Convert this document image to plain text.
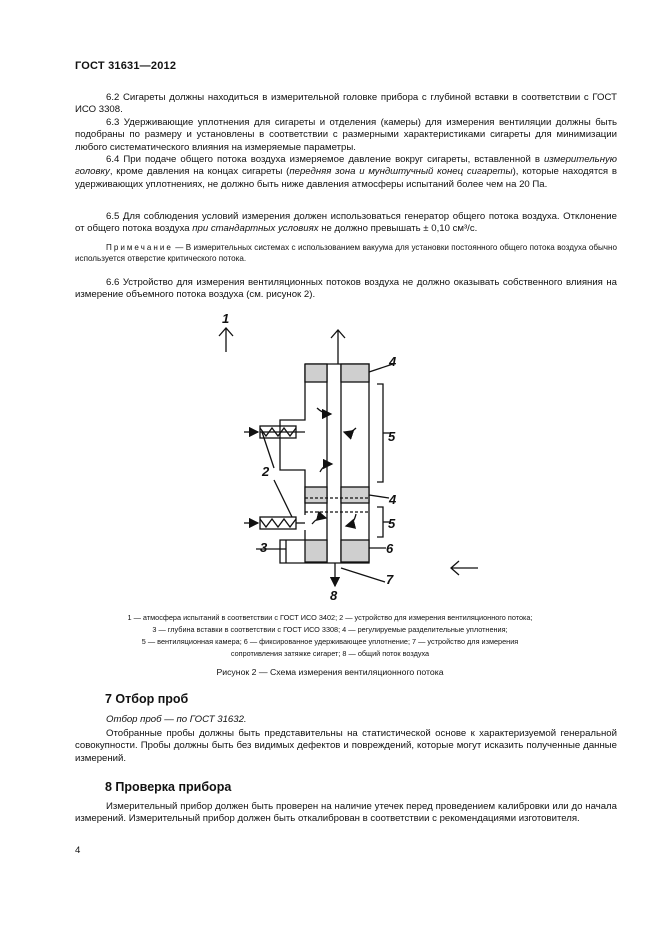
ГОСТ 31631—2012

6.2 Сигареты должны находиться в измерительной головке прибора с глубиной вставки в соответствии с ГОСТ ИСО 3308.

6.3 Удерживающие уплотнения для сигареты и отделения (камеры) для измерения вентиляции должны быть подобраны по размеру и установлены в соответствии с размерными характеристиками сигареты для минимизации любого систематического влияния на измеряемые параметры.

6.4 При подаче общего потока воздуха измеряемое давление вокруг сигареты, вставленной в измерительную головку, кроме давления на концах сигареты (передняя зона и мундштучный конец сигареты), которые находятся в удерживающих уплотнениях, не должно быть ниже давления атмосферы испытаний более чем на 20 Па.

6.5 Для соблюдения условий измерения должен использоваться генератор общего потока воздуха. Отклонение от общего потока воздуха при стандартных условиях не должно превышать ± 0,10 см³/с.

Примечание — В измерительных системах с использованием вакуума для установки постоянного общего потока воздуха обычно используется отверстие критического потока.

6.6 Устройство для измерения вентиляционных потоков воздуха не должно оказывать собственного влияния на измерение объемного потока воздуха (см. рисунок 2).

1
2
3
4
4
5
5
6
7
8

1 — атмосфера испытаний в соответствии с ГОСТ ИСО 3402; 2 — устройство для измерения вентиляционного потока;
3 — глубина вставки в соответствии с ГОСТ ИСО 3308; 4 — регулируемые разделительные уплотнения;
5 — вентиляционная камера; 6 — фиксированное удерживающее уплотнение; 7 — устройство для измерения
сопротивления затяжке сигарет; 8 — общий поток воздуха

Рисунок 2 — Схема измерения вентиляционного потока
7 Отбор проб

Отбор проб — по ГОСТ 31632.

Отобранные пробы должны быть представительны на статистической основе к характеризуемой генеральной совокупности. Пробы должны быть без видимых дефектов и повреждений, которые могут исказить полученные данные измерений.

8 Проверка прибора

Измерительный прибор должен быть проверен на наличие утечек перед проведением калибровки или до начала измерений. Измерительный прибор должен быть откалиброван в соответствии с рекомендациями изготовителя.

4
